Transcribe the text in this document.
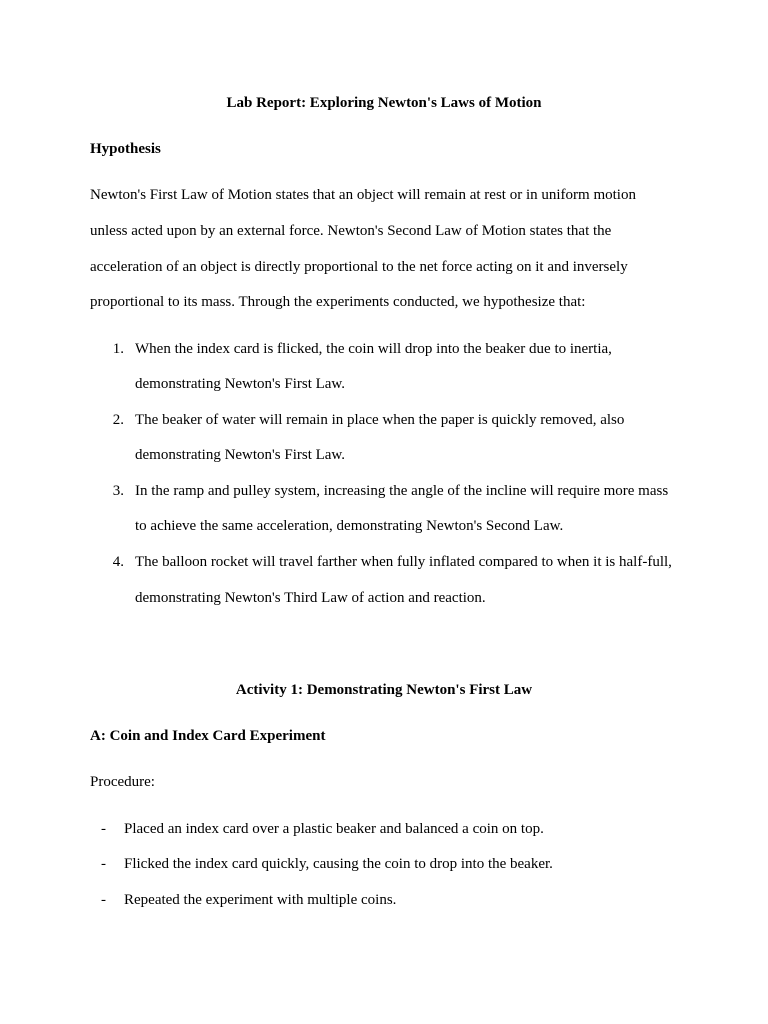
Lab Report: Exploring Newton's Laws of Motion
Hypothesis
Newton's First Law of Motion states that an object will remain at rest or in uniform motion
unless acted upon by an external force. Newton's Second Law of Motion states that the
acceleration of an object is directly proportional to the net force acting on it and inversely
proportional to its mass. Through the experiments conducted, we hypothesize that:
1. When the index card is flicked, the coin will drop into the beaker due to inertia,
demonstrating Newton's First Law.
2. The beaker of water will remain in place when the paper is quickly removed, also
demonstrating Newton's First Law.
3. In the ramp and pulley system, increasing the angle of the incline will require more mass
to achieve the same acceleration, demonstrating Newton's Second Law.
4. The balloon rocket will travel farther when fully inflated compared to when it is half-full,
demonstrating Newton's Third Law of action and reaction.
Activity 1: Demonstrating Newton's First Law
A: Coin and Index Card Experiment
Procedure:
- Placed an index card over a plastic beaker and balanced a coin on top.
- Flicked the index card quickly, causing the coin to drop into the beaker.
- Repeated the experiment with multiple coins.
